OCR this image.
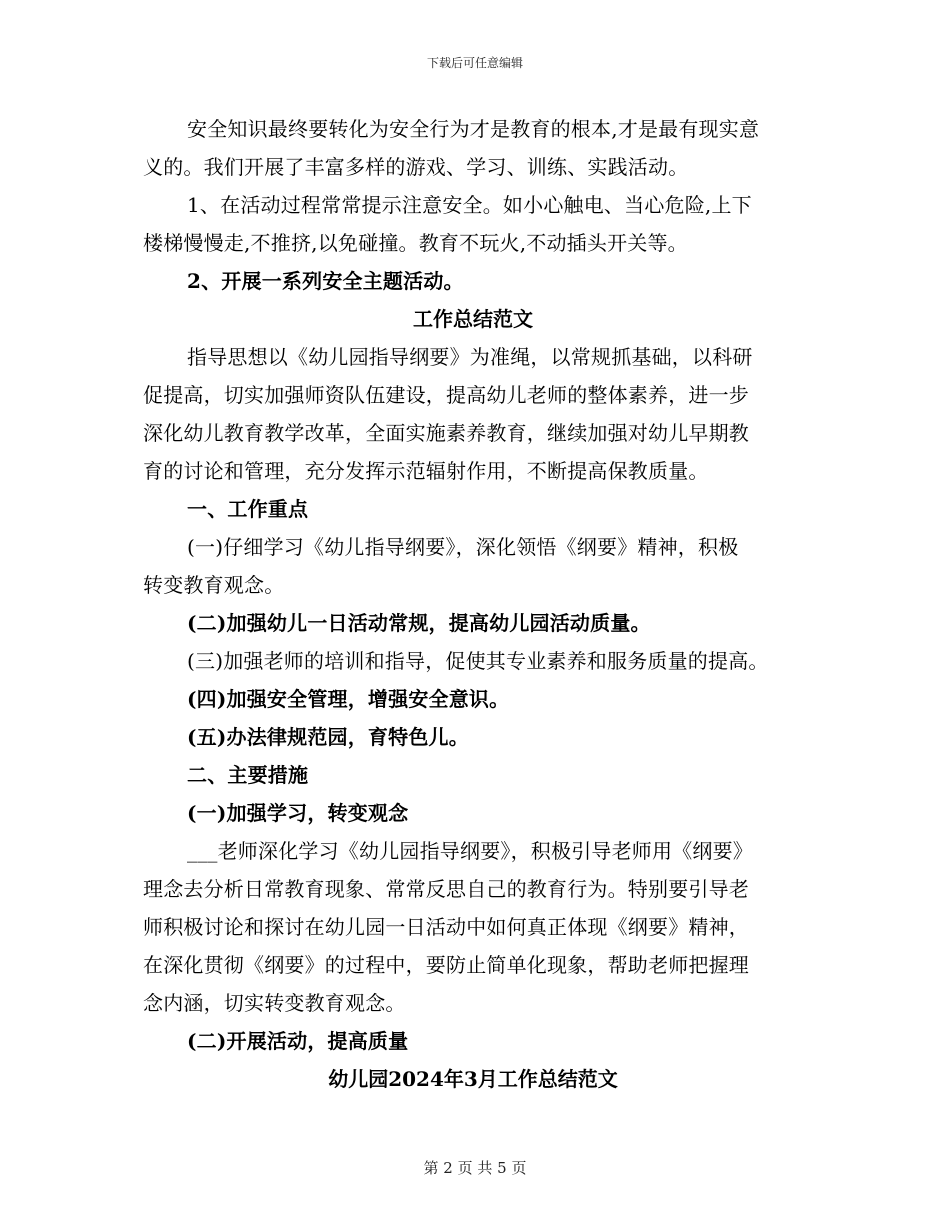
下载后可任意编辑
安全知识最终要转化为安全行为才是教育的根本,才是最有现实意
义的。我们开展了丰富多样的游戏、学习、训练、实践活动。
1、在活动过程常常提示注意安全。如小心触电、当心危险,上下
楼梯慢慢走,不推挤,以免碰撞。教育不玩火,不动插头开关等。
2、开展一系列安全主题活动。
工作总结范文
指导思想以《幼儿园指导纲要》为准绳，以常规抓基础，以科研
促提高，切实加强师资队伍建设，提高幼儿老师的整体素养，进一步
深化幼儿教育教学改革，全面实施素养教育，继续加强对幼儿早期教
育的讨论和管理，充分发挥示范辐射作用，不断提高保教质量。
一、工作重点
(一)仔细学习《幼儿指导纲要》，深化领悟《纲要》精神，积极
转变教育观念。
(二)加强幼儿一日活动常规，提高幼儿园活动质量。
(三)加强老师的培训和指导，促使其专业素养和服务质量的提高。
(四)加强安全管理，增强安全意识。
(五)办法律规范园，育特色儿。
二、主要措施
(一)加强学习，转变观念
___老师深化学习《幼儿园指导纲要》，积极引导老师用《纲要》
理念去分析日常教育现象、常常反思自己的教育行为。特别要引导老
师积极讨论和探讨在幼儿园一日活动中如何真正体现《纲要》精神，
在深化贯彻《纲要》的过程中，要防止简单化现象，帮助老师把握理
念内涵，切实转变教育观念。
(二)开展活动，提高质量
幼儿园2024年3月工作总结范文
第 2 页 共 5 页
